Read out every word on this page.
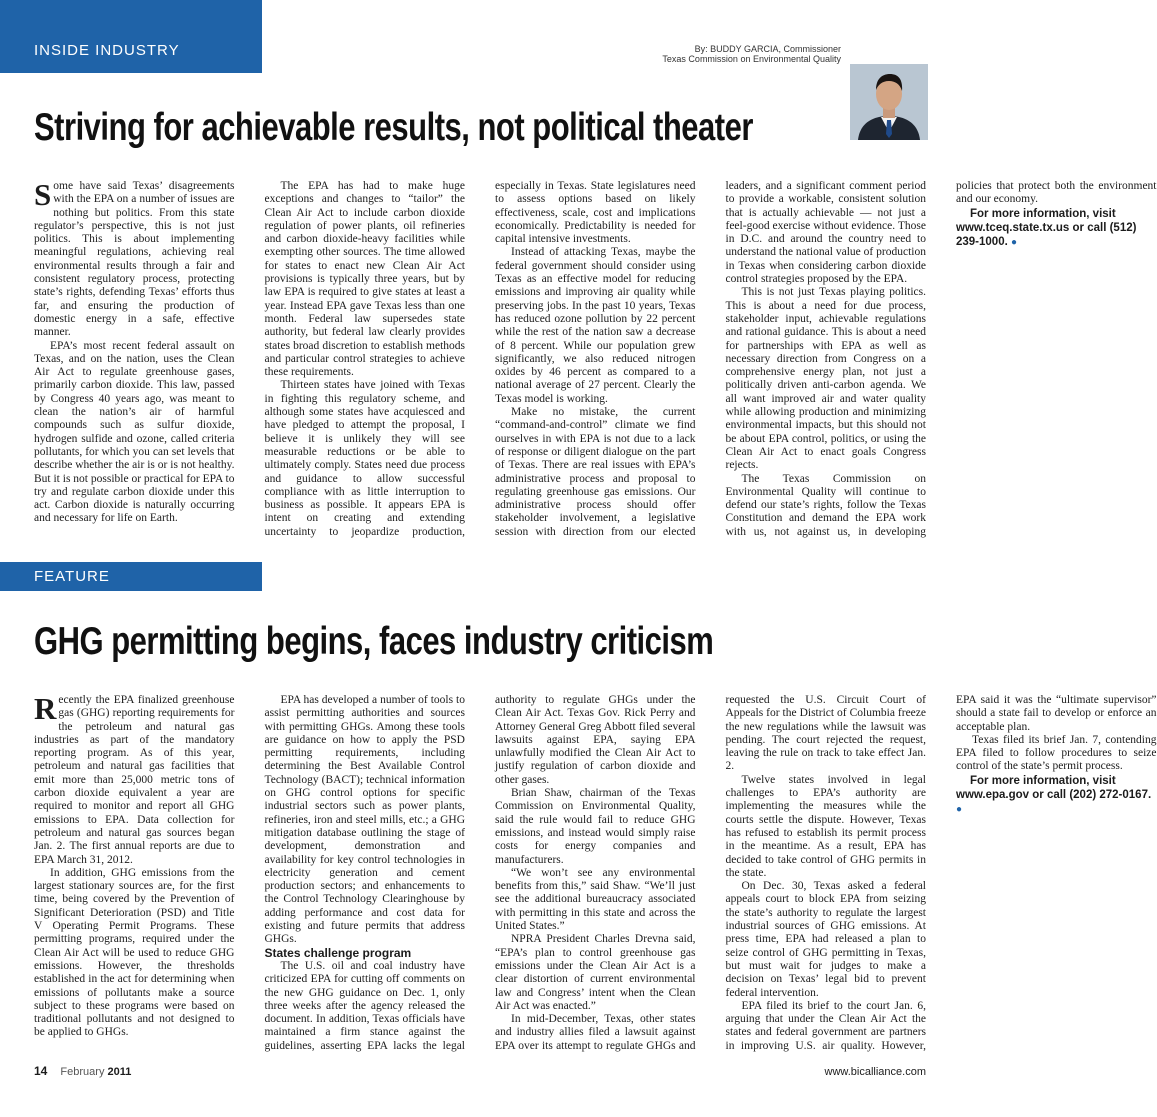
INSIDE INDUSTRY	By: BUDDY GARCIA, Commissioner
Texas Commission on Environmental Quality
Striving for achievable results, not political theater

Some have said Texas’ disagreements with the EPA on a number of issues are nothing but politics. From this state regulator’s perspective, this is not just politics. This is about implementing meaningful regulations, achieving real environmental results through a fair and consistent regulatory process, protecting state’s rights, defending Texas’ efforts thus far, and ensuring the production of domestic energy in a safe, effective manner.

EPA’s most recent federal assault on Texas, and on the nation, uses the Clean Air Act to regulate greenhouse gases, primarily carbon dioxide. This law, passed by Congress 40 years ago, was meant to clean the nation’s air of harmful compounds such as sulfur dioxide, hydrogen sulfide and ozone, called criteria pollutants, for which you can set levels that describe whether the air is or is not healthy. But it is not possible or practical for EPA to try and regulate carbon dioxide under this act. Carbon dioxide is naturally occurring and necessary for life on Earth.

The EPA has had to make huge exceptions and changes to “tailor” the Clean Air Act to include carbon dioxide regulation of power plants, oil refineries and carbon dioxide-heavy facilities while exempting other sources. The time allowed for states to enact new Clean Air Act provisions is typically three years, but by law EPA is required to give states at least a year. Instead EPA gave Texas less than one month. Federal law supersedes state authority, but federal law clearly provides states broad discretion to establish methods and particular control strategies to achieve these requirements.

Thirteen states have joined with Texas in fighting this regulatory scheme, and although some states have acquiesced and have pledged to attempt the proposal, I believe it is unlikely they will see measurable reductions or be able to ultimately comply. States need due process and guidance to allow successful compliance with as little interruption to business as possible. It appears EPA is intent on creating and extending uncertainty to jeopardize production, especially in Texas. State legislatures need to assess options based on likely effectiveness, scale, cost and implications economically. Predictability is needed for capital intensive investments.

Instead of attacking Texas, maybe the federal government should consider using Texas as an effective model for reducing emissions and improving air quality while preserving jobs. In the past 10 years, Texas has reduced ozone pollution by 22 percent while the rest of the nation saw a decrease of 8 percent. While our population grew significantly, we also reduced nitrogen oxides by 46 percent as compared to a national average of 27 percent. Clearly the Texas model is working.

Make no mistake, the current “command-and-control” climate we find ourselves in with EPA is not due to a lack of response or diligent dialogue on the part of Texas. There are real issues with EPA’s administrative process and proposal to regulating greenhouse gas emissions. Our administrative process should offer stakeholder involvement, a legislative session with direction from our elected leaders, and a significant comment period to provide a workable, consistent solution that is actually achievable — not just a feel-good exercise without evidence. Those in D.C. and around the country need to understand the national value of production in Texas when considering carbon dioxide control strategies proposed by the EPA.

This is not just Texas playing politics. This is about a need for due process, stakeholder input, achievable regulations and rational guidance. This is about a need for partnerships with EPA as well as necessary direction from Congress on a comprehensive energy plan, not just a politically driven anti-carbon agenda. We all want improved air and water quality while allowing production and minimizing environmental impacts, but this should not be about EPA control, politics, or using the Clean Air Act to enact goals Congress rejects.

The Texas Commission on Environmental Quality will continue to defend our state’s rights, follow the Texas Constitution and demand the EPA work with us, not against us, in developing policies that protect both the environment and our economy.

For more information, visit www.tceq.state.tx.us or call (512) 239-1000. ●

FEATURE
GHG permitting begins, faces industry criticism

Recently the EPA finalized greenhouse gas (GHG) reporting requirements for the petroleum and natural gas industries as part of the mandatory reporting program. As of this year, petroleum and natural gas facilities that emit more than 25,000 metric tons of carbon dioxide equivalent a year are required to monitor and report all GHG emissions to EPA. Data collection for petroleum and natural gas sources began Jan. 2. The first annual reports are due to EPA March 31, 2012.

In addition, GHG emissions from the largest stationary sources are, for the first time, being covered by the Prevention of Significant Deterioration (PSD) and Title V Operating Permit Programs. These permitting programs, required under the Clean Air Act will be used to reduce GHG emissions. However, the thresholds established in the act for determining when emissions of pollutants make a source subject to these programs were based on traditional pollutants and not designed to be applied to GHGs.

EPA has developed a number of tools to assist permitting authorities and sources with permitting GHGs. Among these tools are guidance on how to apply the PSD permitting requirements, including determining the Best Available Control Technology (BACT); technical information on GHG control options for specific industrial sectors such as power plants, refineries, iron and steel mills, etc.; a GHG mitigation database outlining the stage of development, demonstration and availability for key control technologies in electricity generation and cement production sectors; and enhancements to the Control Technology Clearinghouse by adding performance and cost data for existing and future permits that address GHGs.

States challenge program

The U.S. oil and coal industry have criticized EPA for cutting off comments on the new GHG guidance on Dec. 1, only three weeks after the agency released the document. In addition, Texas officials have maintained a firm stance against the guidelines, asserting EPA lacks the legal authority to regulate GHGs under the Clean Air Act. Texas Gov. Rick Perry and Attorney General Greg Abbott filed several lawsuits against EPA, saying EPA unlawfully modified the Clean Air Act to justify regulation of carbon dioxide and other gases.

Brian Shaw, chairman of the Texas Commission on Environmental Quality, said the rule would fail to reduce GHG emissions, and instead would simply raise costs for energy companies and manufacturers.

“We won’t see any environmental benefits from this,” said Shaw. “We’ll just see the additional bureaucracy associated with permitting in this state and across the United States.”

NPRA President Charles Drevna said, “EPA’s plan to control greenhouse gas emissions under the Clean Air Act is a clear distortion of current environmental law and Congress’ intent when the Clean Air Act was enacted.”

In mid-December, Texas, other states and industry allies filed a lawsuit against EPA over its attempt to regulate GHGs and requested the U.S. Circuit Court of Appeals for the District of Columbia freeze the new regulations while the lawsuit was pending. The court rejected the request, leaving the rule on track to take effect Jan. 2.

Twelve states involved in legal challenges to EPA’s authority are implementing the measures while the courts settle the dispute. However, Texas has refused to establish its permit process in the meantime. As a result, EPA has decided to take control of GHG permits in the state.

On Dec. 30, Texas asked a federal appeals court to block EPA from seizing the state’s authority to regulate the largest industrial sources of GHG emissions. At press time, EPA had released a plan to seize control of GHG permitting in Texas, but must wait for judges to make a decision on Texas’ legal bid to prevent federal intervention.

EPA filed its brief to the court Jan. 6, arguing that under the Clean Air Act the states and federal government are partners in improving U.S. air quality. However, EPA said it was the “ultimate supervisor” should a state fail to develop or enforce an acceptable plan.

Texas filed its brief Jan. 7, contending EPA filed to follow procedures to seize control of the state’s permit process.

For more information, visit www.epa.gov or call (202) 272-0167. ●

14 February 2011	www.bicalliance.com
